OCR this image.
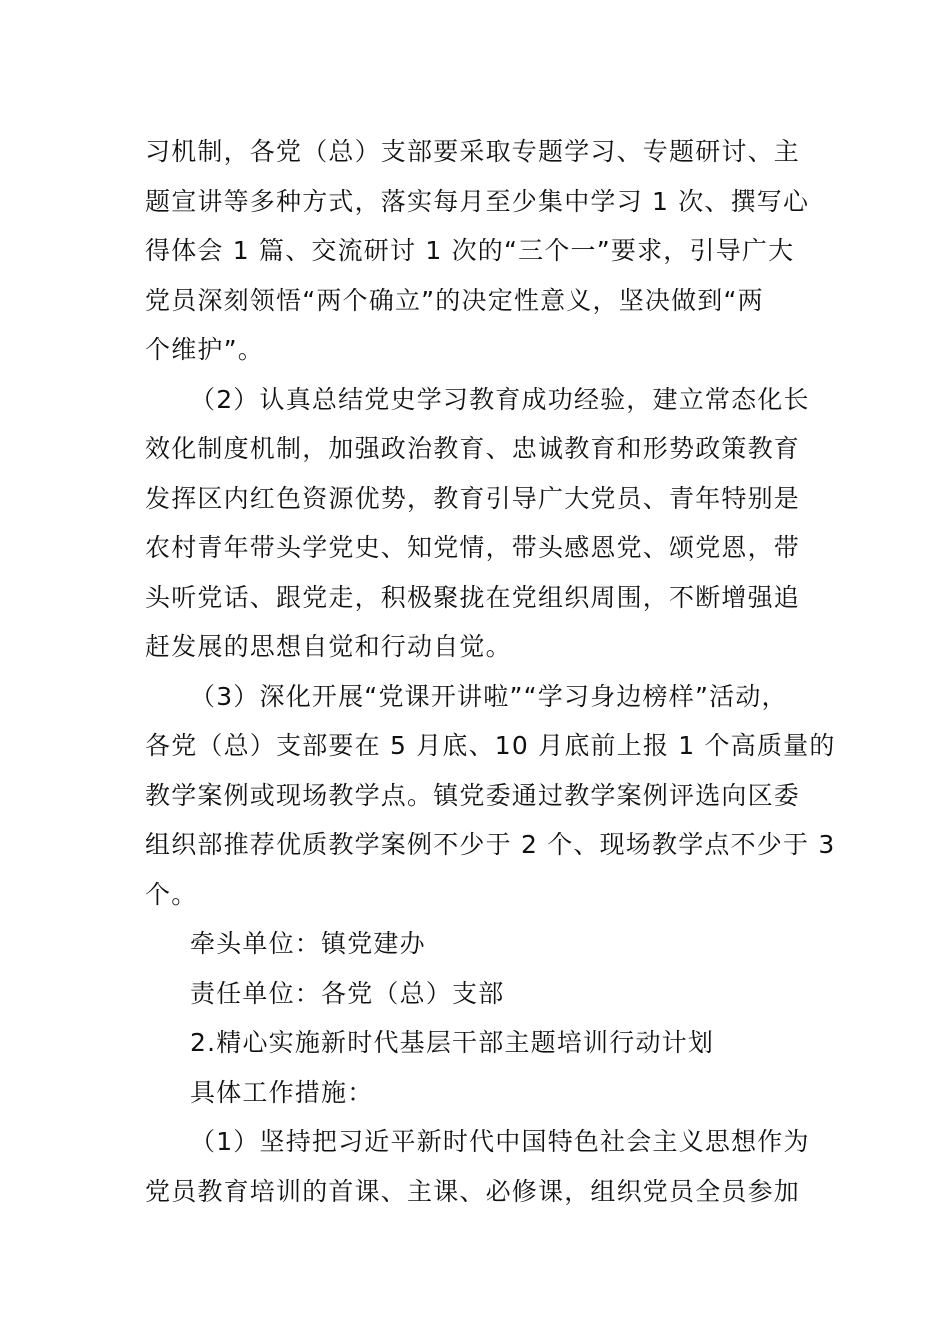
习机制，各党（总）支部要采取专题学习、专题研讨、主
题宣讲等多种方式，落实每月至少集中学习 1 次、撰写心
得体会 1 篇、交流研讨 1 次的“三个一”要求，引导广大
党员深刻领悟“两个确立”的决定性意义，坚决做到“两
个维护”。
（2）认真总结党史学习教育成功经验，建立常态化长
效化制度机制，加强政治教育、忠诚教育和形势政策教育
发挥区内红色资源优势，教育引导广大党员、青年特别是
农村青年带头学党史、知党情，带头感恩党、颂党恩，带
头听党话、跟党走，积极聚拢在党组织周围，不断增强追
赶发展的思想自觉和行动自觉。
（3）深化开展“党课开讲啦”“学习身边榜样”活动，
各党（总）支部要在 5 月底、10 月底前上报 1 个高质量的
教学案例或现场教学点。镇党委通过教学案例评选向区委
组织部推荐优质教学案例不少于 2 个、现场教学点不少于 3
个。
牵头单位：镇党建办
责任单位：各党（总）支部
2.精心实施新时代基层干部主题培训行动计划
具体工作措施：
（1）坚持把习近平新时代中国特色社会主义思想作为
党员教育培训的首课、主课、必修课，组织党员全员参加
